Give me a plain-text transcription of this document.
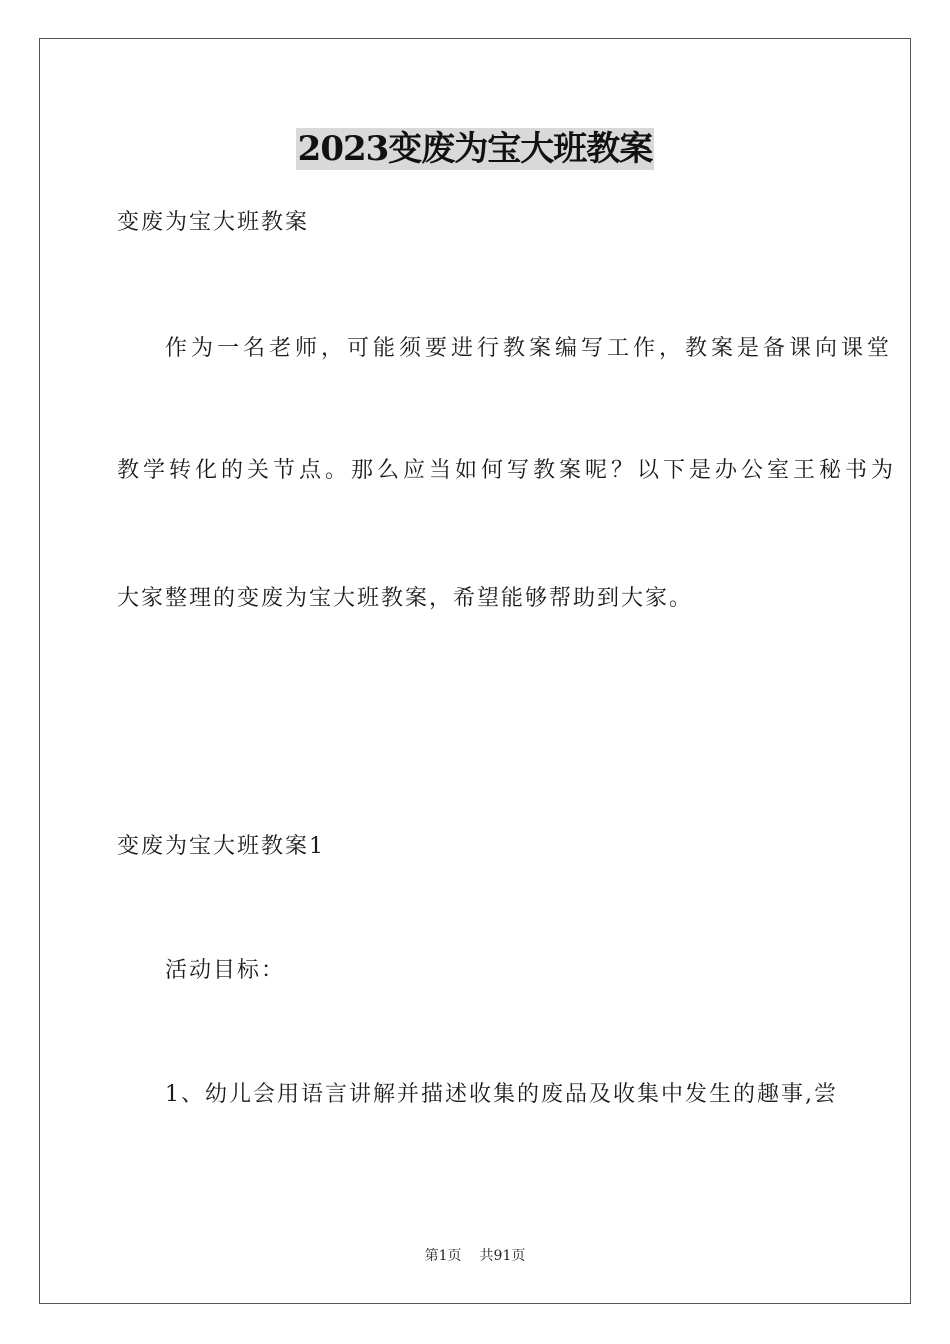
2023变废为宝大班教案
变废为宝大班教案
作为一名老师，可能须要进行教案编写工作，教案是备课向课堂
教学转化的关节点。那么应当如何写教案呢？以下是办公室王秘书为
大家整理的变废为宝大班教案，希望能够帮助到大家。
变废为宝大班教案1
活动目标：
1、幼儿会用语言讲解并描述收集的废品及收集中发生的趣事,尝
第1页 共91页
